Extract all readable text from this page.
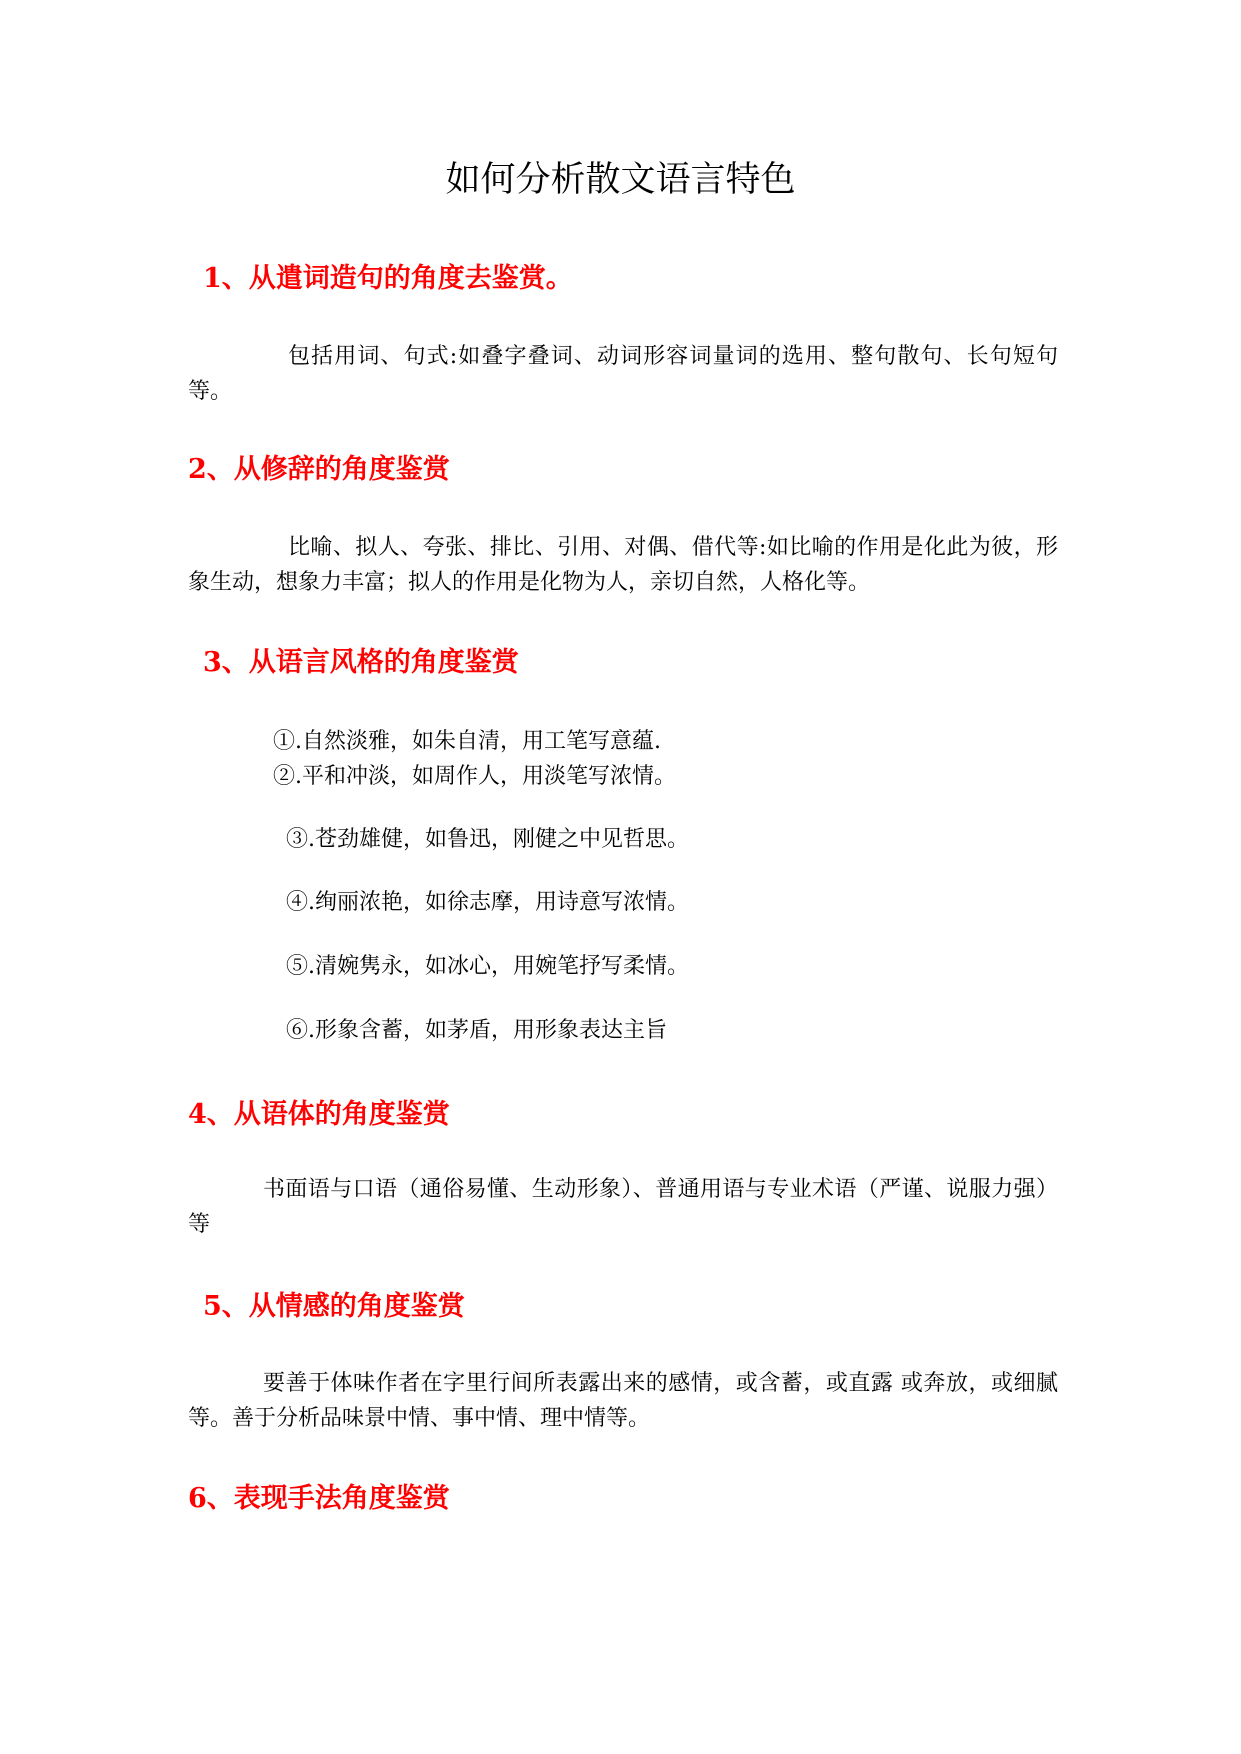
如何分析散文语言特色
1、从遣词造句的角度去鉴赏。

包括用词、句式:如叠字叠词、动词形容词量词的选用、整句散句、长句短句等。

2、从修辞的角度鉴赏

比喻、拟人、夸张、排比、引用、对偶、借代等:如比喻的作用是化此为彼，形象生动，想象力丰富；拟人的作用是化物为人，亲切自然，人格化等。

3、从语言风格的角度鉴赏

①.自然淡雅，如朱自清，用工笔写意蕴.

②.平和冲淡，如周作人，用淡笔写浓情。

③.苍劲雄健，如鲁迅，刚健之中见哲思。

④.绚丽浓艳，如徐志摩，用诗意写浓情。

⑤.清婉隽永，如冰心，用婉笔抒写柔情。

⑥.形象含蓄，如茅盾，用形象表达主旨

4、从语体的角度鉴赏

书面语与口语（通俗易懂、生动形象）、普通用语与专业术语（严谨、说服力强）等

5、从情感的角度鉴赏

要善于体味作者在字里行间所表露出来的感情，或含蓄，或直露 或奔放，或细腻等。善于分析品味景中情、事中情、理中情等。

6、表现手法角度鉴赏
